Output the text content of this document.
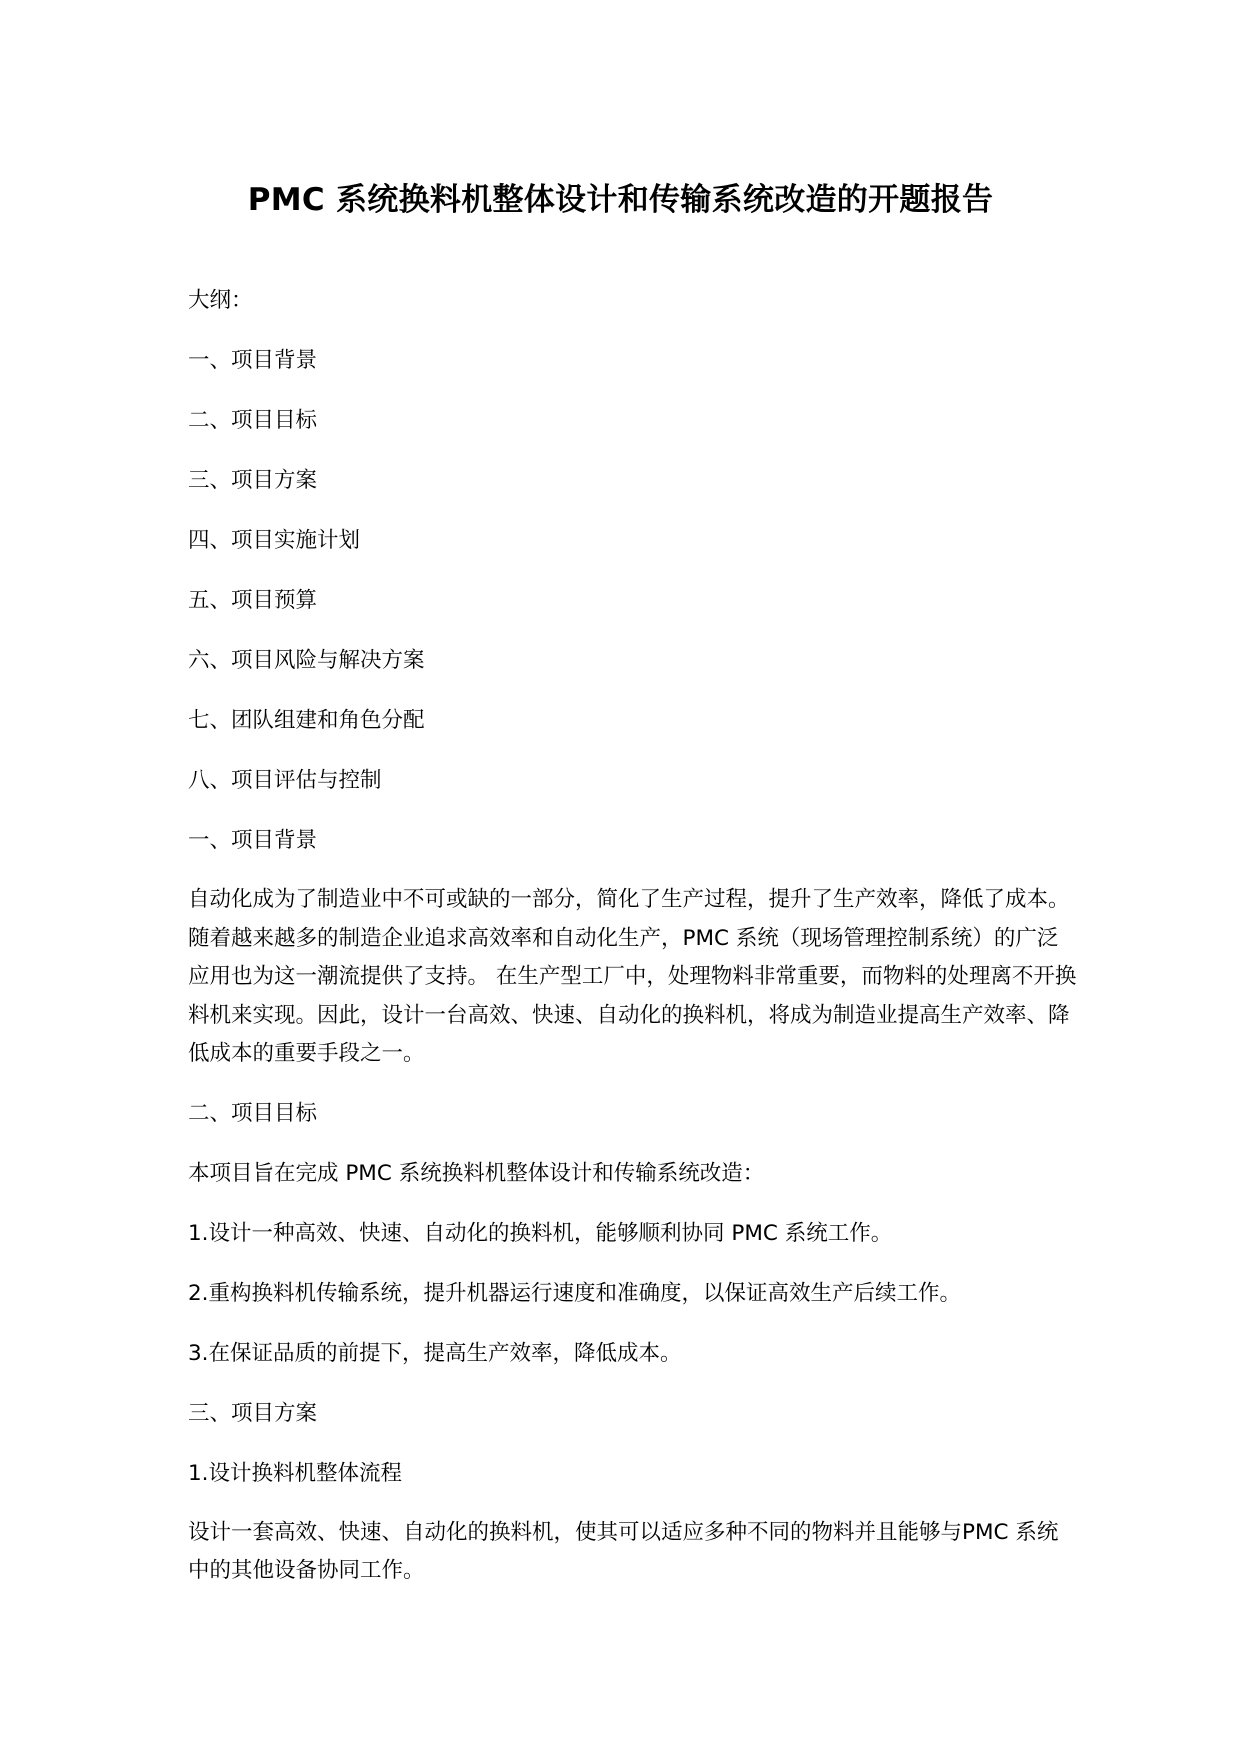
PMC 系统换料机整体设计和传输系统改造的开题报告

大纲：

一、项目背景

二、项目目标

三、项目方案

四、项目实施计划

五、项目预算

六、项目风险与解决方案

七、团队组建和角色分配

八、项目评估与控制

一、项目背景

自动化成为了制造业中不可或缺的一部分，简化了生产过程，提升了生产效率，降低了成本。随着越来越多的制造企业追求高效率和自动化生产，PMC 系统（现场管理控制系统）的广泛应用也为这一潮流提供了支持。 在生产型工厂中，处理物料非常重要，而物料的处理离不开换料机来实现。因此，设计一台高效、快速、自动化的换料机，将成为制造业提高生产效率、降低成本的重要手段之一。

二、项目目标

本项目旨在完成 PMC 系统换料机整体设计和传输系统改造：

1.设计一种高效、快速、自动化的换料机，能够顺利协同 PMC 系统工作。

2.重构换料机传输系统，提升机器运行速度和准确度，以保证高效生产后续工作。

3.在保证品质的前提下，提高生产效率，降低成本。

三、项目方案

1.设计换料机整体流程

设计一套高效、快速、自动化的换料机，使其可以适应多种不同的物料并且能够与PMC 系统中的其他设备协同工作。
